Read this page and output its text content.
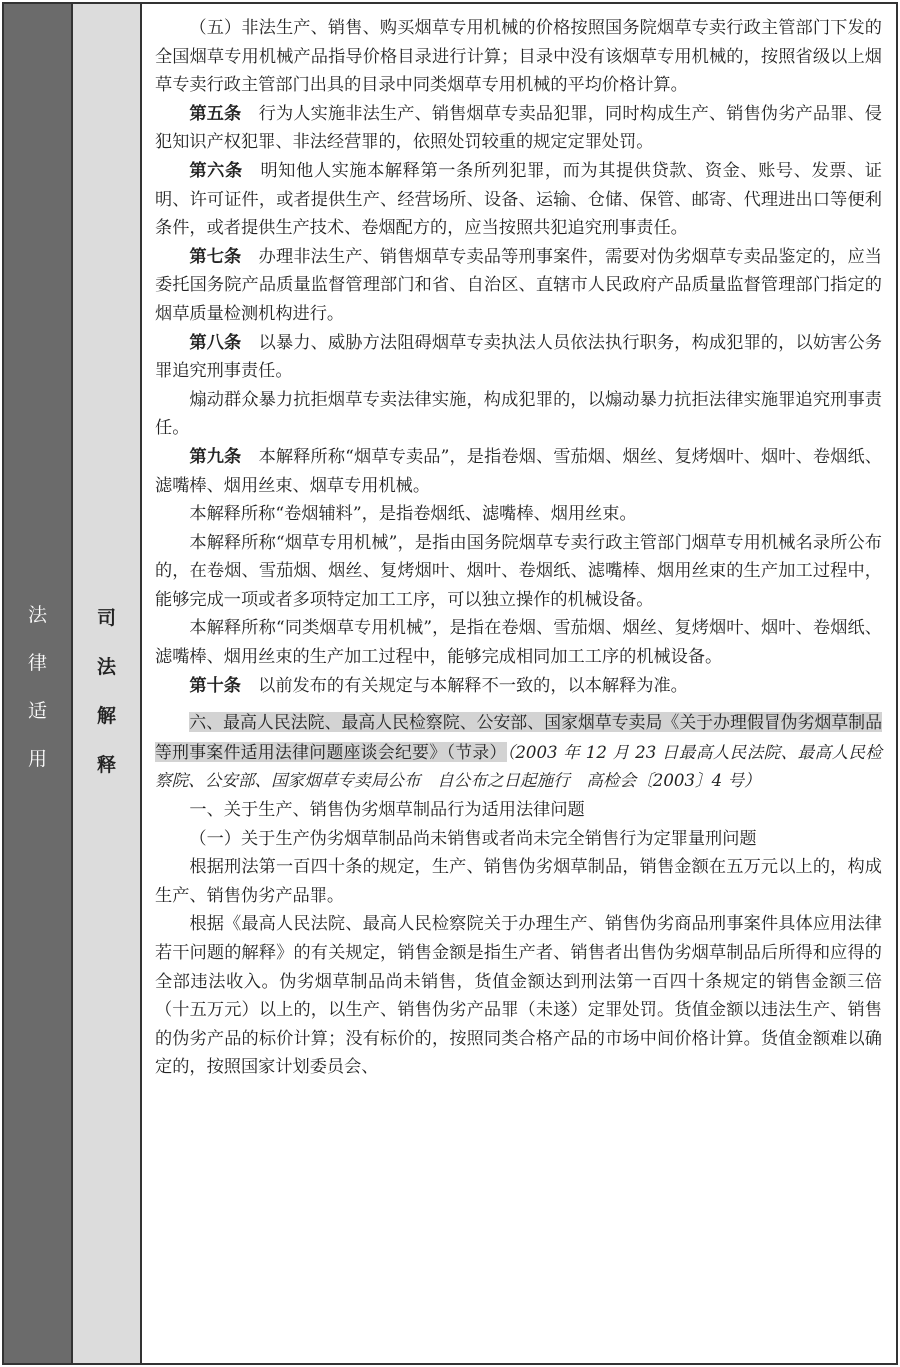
法
律
适
用
司
法
解
释
（五）非法生产、销售、购买烟草专用机械的价格按照国务院烟草专卖行政主管部门下发的全国烟草专用机械产品指导价格目录进行计算；目录中没有该烟草专用机械的，按照省级以上烟草专卖行政主管部门出具的目录中同类烟草专用机械的平均价格计算。
第五条 行为人实施非法生产、销售烟草专卖品犯罪，同时构成生产、销售伪劣产品罪、侵犯知识产权犯罪、非法经营罪的，依照处罚较重的规定定罪处罚。
第六条 明知他人实施本解释第一条所列犯罪，而为其提供贷款、资金、账号、发票、证明、许可证件，或者提供生产、经营场所、设备、运输、仓储、保管、邮寄、代理进出口等便利条件，或者提供生产技术、卷烟配方的，应当按照共犯追究刑事责任。
第七条 办理非法生产、销售烟草专卖品等刑事案件，需要对伪劣烟草专卖品鉴定的，应当委托国务院产品质量监督管理部门和省、自治区、直辖市人民政府产品质量监督管理部门指定的烟草质量检测机构进行。
第八条 以暴力、威胁方法阻碍烟草专卖执法人员依法执行职务，构成犯罪的，以妨害公务罪追究刑事责任。
煽动群众暴力抗拒烟草专卖法律实施，构成犯罪的，以煽动暴力抗拒法律实施罪追究刑事责任。
第九条 本解释所称“烟草专卖品”，是指卷烟、雪茄烟、烟丝、复烤烟叶、烟叶、卷烟纸、滤嘴棒、烟用丝束、烟草专用机械。
本解释所称“卷烟辅料”，是指卷烟纸、滤嘴棒、烟用丝束。
本解释所称“烟草专用机械”，是指由国务院烟草专卖行政主管部门烟草专用机械名录所公布的，在卷烟、雪茄烟、烟丝、复烤烟叶、烟叶、卷烟纸、滤嘴棒、烟用丝束的生产加工过程中，能够完成一项或者多项特定加工工序，可以独立操作的机械设备。
本解释所称“同类烟草专用机械”，是指在卷烟、雪茄烟、烟丝、复烤烟叶、烟叶、卷烟纸、滤嘴棒、烟用丝束的生产加工过程中，能够完成相同加工工序的机械设备。
第十条 以前发布的有关规定与本解释不一致的，以本解释为准。
六、最高人民法院、最高人民检察院、公安部、国家烟草专卖局《关于办理假冒伪劣烟草制品等刑事案件适用法律问题座谈会纪要》（节录）（2003 年 12 月 23 日最高人民法院、最高人民检察院、公安部、国家烟草专卖局公布　自公布之日起施行　高检会〔2003〕4 号）
一、关于生产、销售伪劣烟草制品行为适用法律问题
（一）关于生产伪劣烟草制品尚未销售或者尚未完全销售行为定罪量刑问题
根据刑法第一百四十条的规定，生产、销售伪劣烟草制品，销售金额在五万元以上的，构成生产、销售伪劣产品罪。
根据《最高人民法院、最高人民检察院关于办理生产、销售伪劣商品刑事案件具体应用法律若干问题的解释》的有关规定，销售金额是指生产者、销售者出售伪劣烟草制品后所得和应得的全部违法收入。伪劣烟草制品尚未销售，货值金额达到刑法第一百四十条规定的销售金额三倍（十五万元）以上的，以生产、销售伪劣产品罪（未遂）定罪处罚。货值金额以违法生产、销售的伪劣产品的标价计算；没有标价的，按照同类合格产品的市场中间价格计算。货值金额难以确定的，按照国家计划委员会、
